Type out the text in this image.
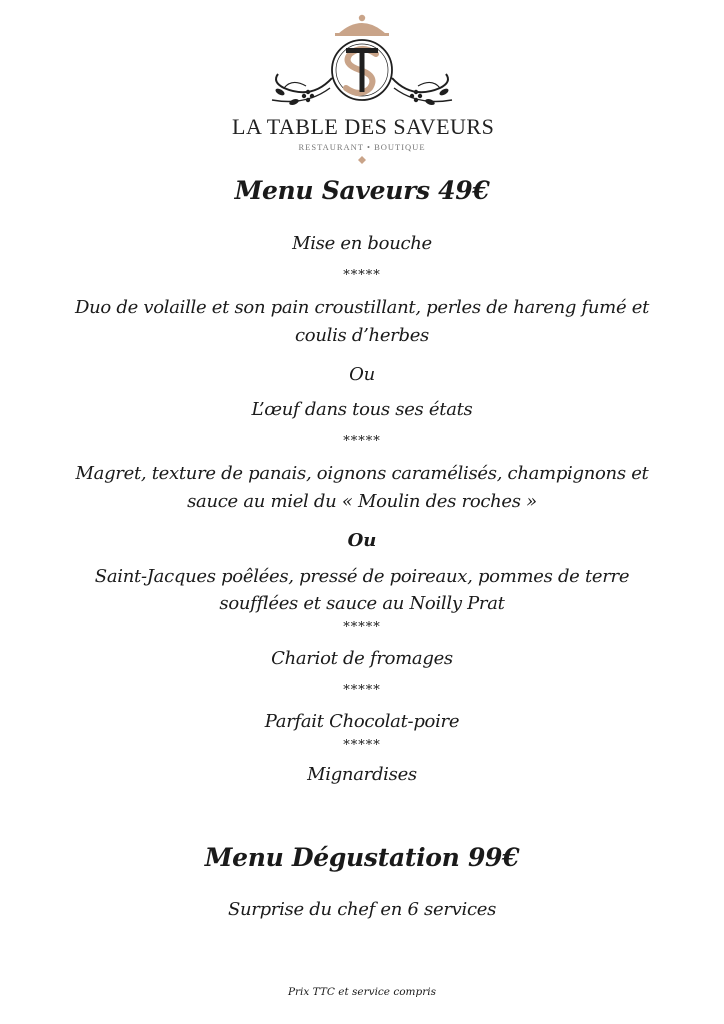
LA TABLE DES SAVEURS
RESTAURANT • BOUTIQUE
Menu Saveurs 49€
Mise en bouche
*****
Duo de volaille et son pain croustillant, perles de hareng fumé et
coulis d’herbes
Ou
L’œuf dans tous ses états
*****
Magret, texture de panais, oignons caramélisés, champignons et
sauce au miel du « Moulin des roches »
Ou
Saint-Jacques poêlées, pressé de poireaux, pommes de terre
soufflées et sauce au Noilly Prat
*****
Chariot de fromages
*****
Parfait Chocolat-poire
*****
Mignardises
Menu Dégustation 99€
Surprise du chef en 6 services
Prix TTC et service compris
